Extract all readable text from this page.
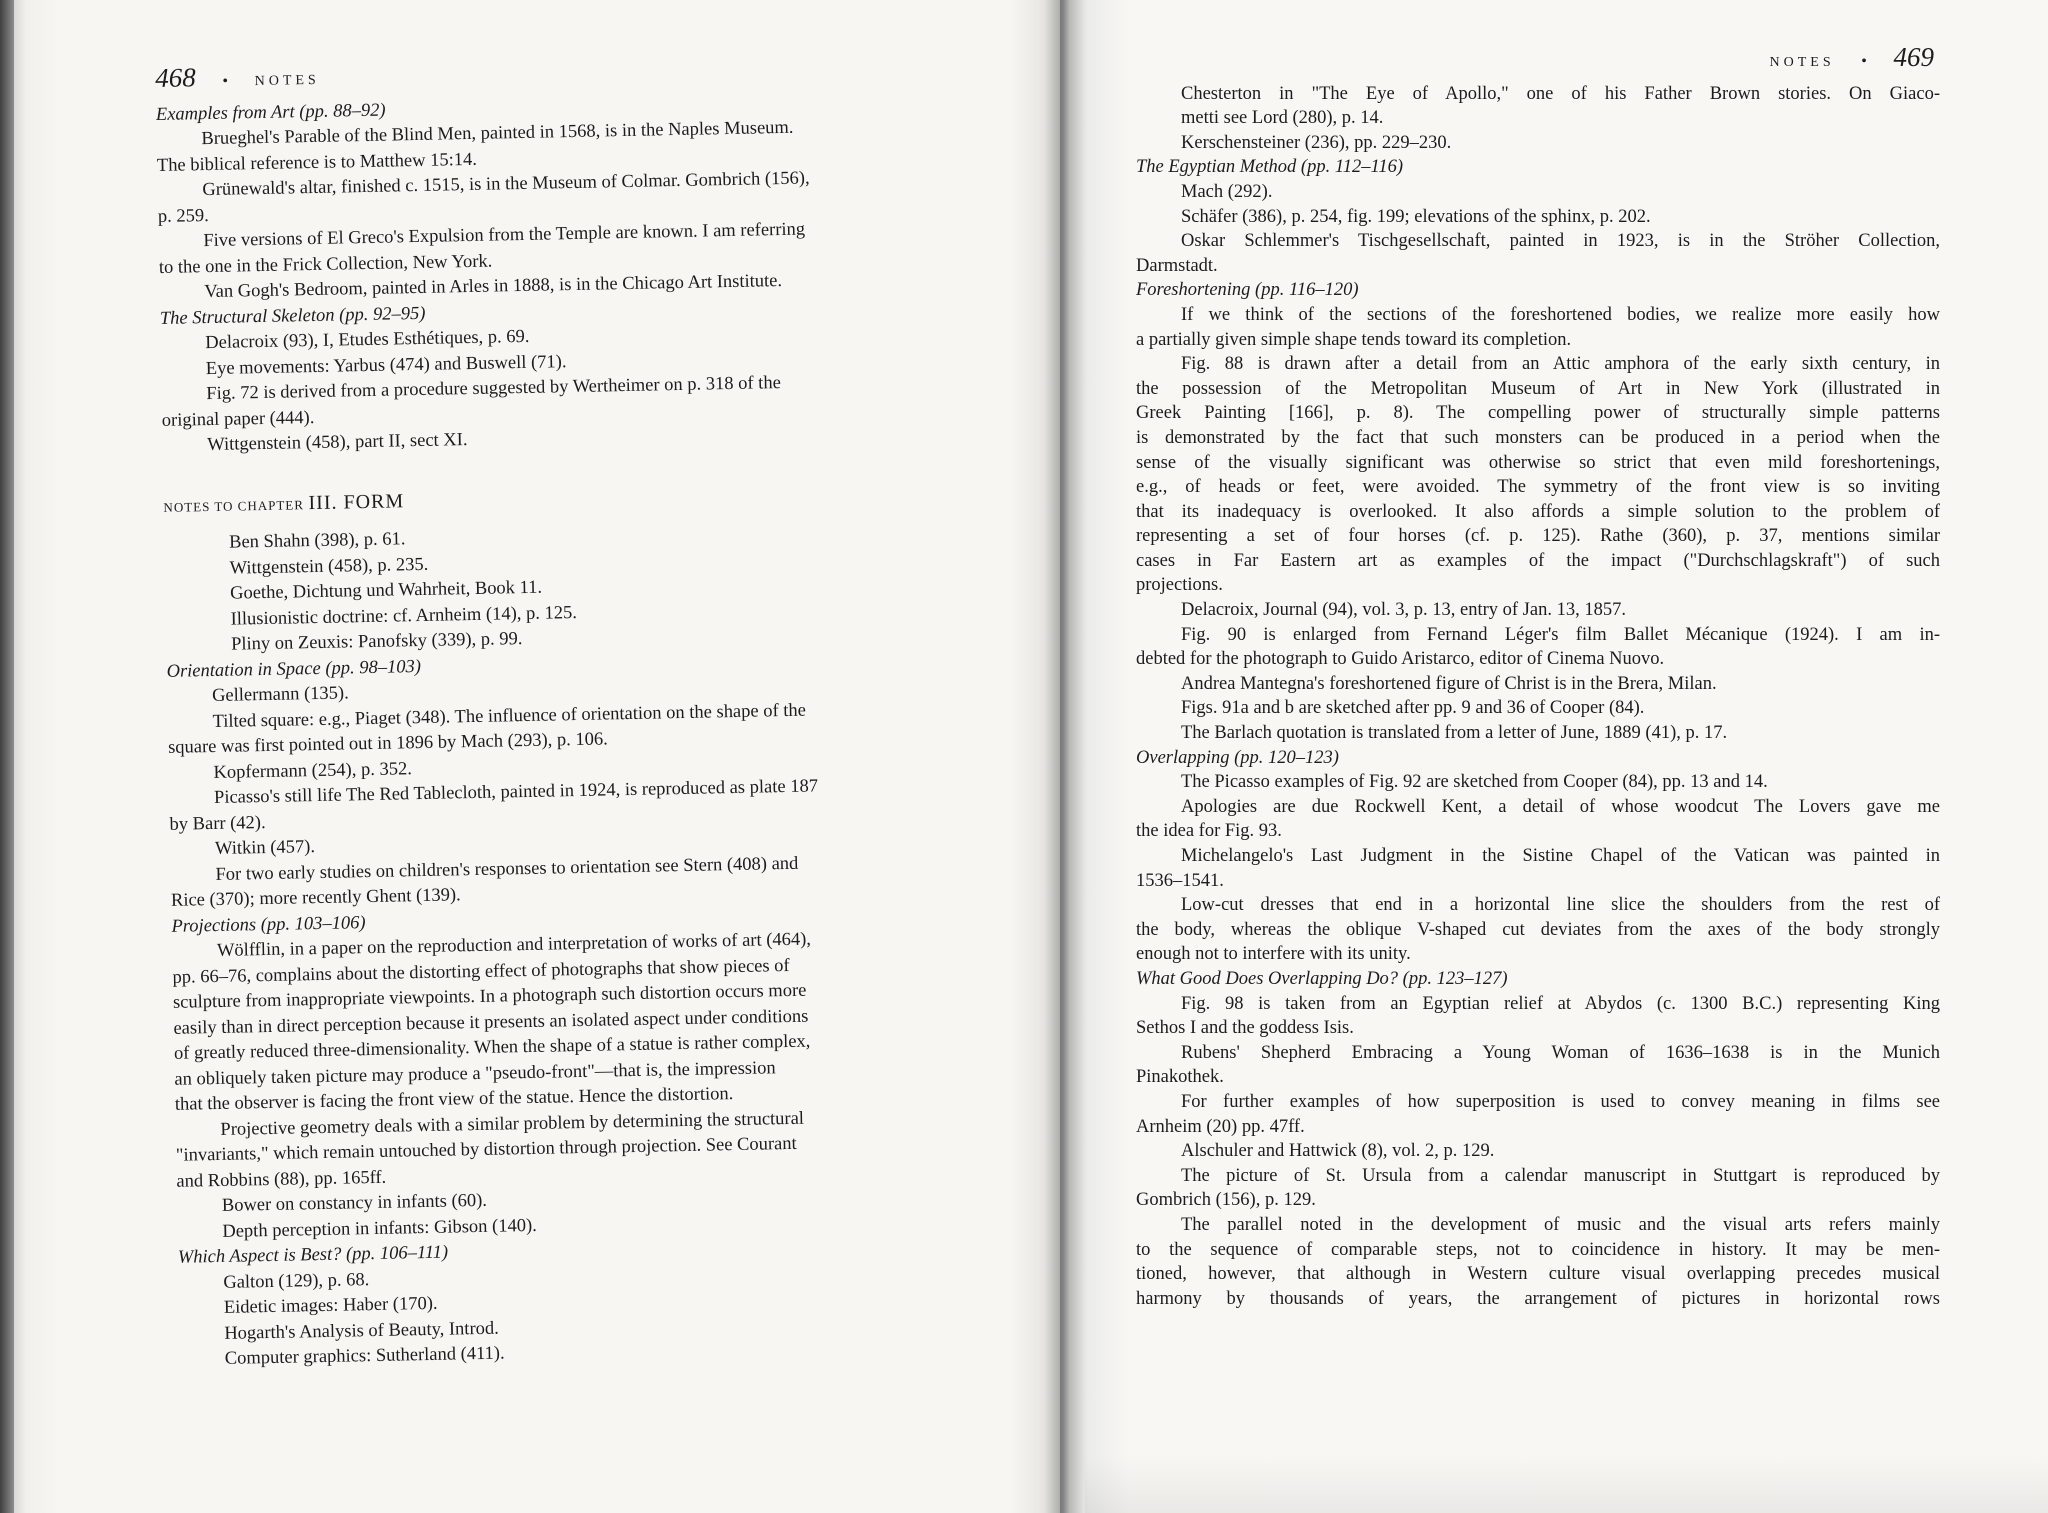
468 • NOTES
Examples from Art (pp. 88–92)
Brueghel's Parable of the Blind Men, painted in 1568, is in the Naples Museum.
The biblical reference is to Matthew 15:14.
Grünewald's altar, finished c. 1515, is in the Museum of Colmar. Gombrich (156),
p. 259.
Five versions of El Greco's Expulsion from the Temple are known. I am referring
to the one in the Frick Collection, New York.
Van Gogh's Bedroom, painted in Arles in 1888, is in the Chicago Art Institute.
The Structural Skeleton (pp. 92–95)
Delacroix (93), I, Etudes Esthétiques, p. 69.
Eye movements: Yarbus (474) and Buswell (71).
Fig. 72 is derived from a procedure suggested by Wertheimer on p. 318 of the
original paper (444).
Wittgenstein (458), part II, sect XI.
NOTES TO CHAPTER III. FORM
Ben Shahn (398), p. 61.
Wittgenstein (458), p. 235.
Goethe, Dichtung und Wahrheit, Book 11.
Illusionistic doctrine: cf. Arnheim (14), p. 125.
Pliny on Zeuxis: Panofsky (339), p. 99.
Orientation in Space (pp. 98–103)
Gellermann (135).
Tilted square: e.g., Piaget (348). The influence of orientation on the shape of the
square was first pointed out in 1896 by Mach (293), p. 106.
Kopfermann (254), p. 352.
Picasso's still life The Red Tablecloth, painted in 1924, is reproduced as plate 187
by Barr (42).
Witkin (457).
For two early studies on children's responses to orientation see Stern (408) and
Rice (370); more recently Ghent (139).
Projections (pp. 103–106)
Wölfflin, in a paper on the reproduction and interpretation of works of art (464),
pp. 66–76, complains about the distorting effect of photographs that show pieces of
sculpture from inappropriate viewpoints. In a photograph such distortion occurs more
easily than in direct perception because it presents an isolated aspect under conditions
of greatly reduced three-dimensionality. When the shape of a statue is rather complex,
an obliquely taken picture may produce a "pseudo-front"—that is, the impression
that the observer is facing the front view of the statue. Hence the distortion.
Projective geometry deals with a similar problem by determining the structural
"invariants," which remain untouched by distortion through projection. See Courant
and Robbins (88), pp. 165ff.
Bower on constancy in infants (60).
Depth perception in infants: Gibson (140).
Which Aspect is Best? (pp. 106–111)
Galton (129), p. 68.
Eidetic images: Haber (170).
Hogarth's Analysis of Beauty, Introd.
Computer graphics: Sutherland (411).
NOTES • 469
Chesterton in "The Eye of Apollo," one of his Father Brown stories. On Giaco-
metti see Lord (280), p. 14.
Kerschensteiner (236), pp. 229–230.
The Egyptian Method (pp. 112–116)
Mach (292).
Schäfer (386), p. 254, fig. 199; elevations of the sphinx, p. 202.
Oskar Schlemmer's Tischgesellschaft, painted in 1923, is in the Ströher Collection,
Darmstadt.
Foreshortening (pp. 116–120)
If we think of the sections of the foreshortened bodies, we realize more easily how
a partially given simple shape tends toward its completion.
Fig. 88 is drawn after a detail from an Attic amphora of the early sixth century, in
the possession of the Metropolitan Museum of Art in New York (illustrated in
Greek Painting [166], p. 8). The compelling power of structurally simple patterns
is demonstrated by the fact that such monsters can be produced in a period when the
sense of the visually significant was otherwise so strict that even mild foreshortenings,
e.g., of heads or feet, were avoided. The symmetry of the front view is so inviting
that its inadequacy is overlooked. It also affords a simple solution to the problem of
representing a set of four horses (cf. p. 125). Rathe (360), p. 37, mentions similar
cases in Far Eastern art as examples of the impact ("Durchschlagskraft") of such
projections.
Delacroix, Journal (94), vol. 3, p. 13, entry of Jan. 13, 1857.
Fig. 90 is enlarged from Fernand Léger's film Ballet Mécanique (1924). I am in-
debted for the photograph to Guido Aristarco, editor of Cinema Nuovo.
Andrea Mantegna's foreshortened figure of Christ is in the Brera, Milan.
Figs. 91a and b are sketched after pp. 9 and 36 of Cooper (84).
The Barlach quotation is translated from a letter of June, 1889 (41), p. 17.
Overlapping (pp. 120–123)
The Picasso examples of Fig. 92 are sketched from Cooper (84), pp. 13 and 14.
Apologies are due Rockwell Kent, a detail of whose woodcut The Lovers gave me
the idea for Fig. 93.
Michelangelo's Last Judgment in the Sistine Chapel of the Vatican was painted in
1536–1541.
Low-cut dresses that end in a horizontal line slice the shoulders from the rest of
the body, whereas the oblique V-shaped cut deviates from the axes of the body strongly
enough not to interfere with its unity.
What Good Does Overlapping Do? (pp. 123–127)
Fig. 98 is taken from an Egyptian relief at Abydos (c. 1300 B.C.) representing King
Sethos I and the goddess Isis.
Rubens' Shepherd Embracing a Young Woman of 1636–1638 is in the Munich
Pinakothek.
For further examples of how superposition is used to convey meaning in films see
Arnheim (20) pp. 47ff.
Alschuler and Hattwick (8), vol. 2, p. 129.
The picture of St. Ursula from a calendar manuscript in Stuttgart is reproduced by
Gombrich (156), p. 129.
The parallel noted in the development of music and the visual arts refers mainly
to the sequence of comparable steps, not to coincidence in history. It may be men-
tioned, however, that although in Western culture visual overlapping precedes musical
harmony by thousands of years, the arrangement of pictures in horizontal rows
